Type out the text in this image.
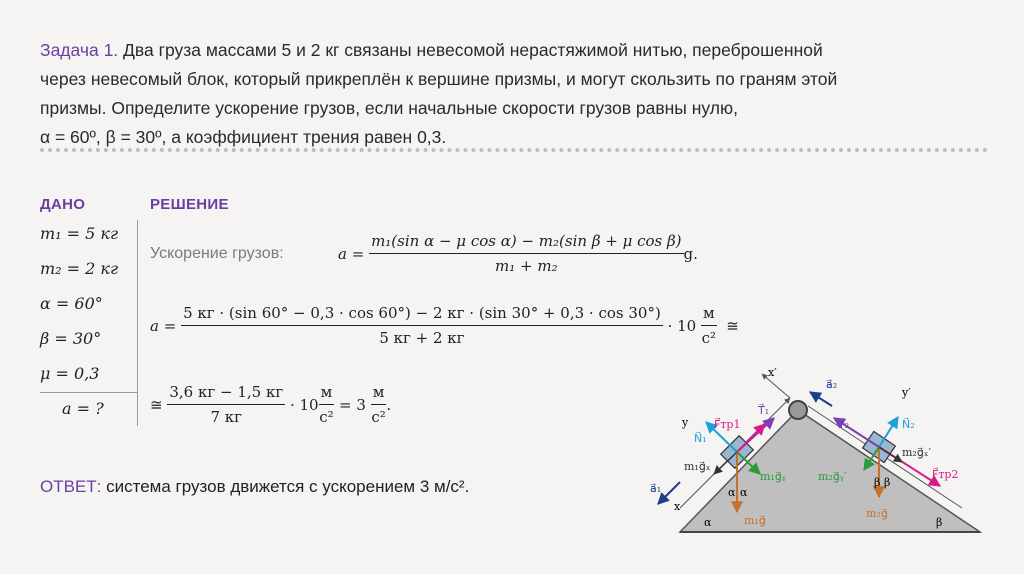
Задача 1. Два груза массами 5 и 2 кг связаны невесомой нерастяжимой нитью, переброшенной
через невесомый блок, который прикреплён к вершине призмы, и могут скользить по граням этой
призмы. Определите ускорение грузов, если начальные скорости грузов равны нулю,
α = 60º, β = 30º, а коэффициент трения равен 0,3.
ДАНО	РЕШЕНИЕ
m₁ = 5 кг
m₂ = 2 кг
α = 60°
β = 30°
μ = 0,3
a = ?
Ускорение грузов:	a =
$\frac{\text{m₁(sin α − μ cos α) − m₂(sin β + μ cos β)}}{\text{m₁ + m₂}} g$.
a =

5 кг · (sin 60° − 0,3 · cos 60°) − 2 кг · (sin 30° + 0,3 · cos 30°)
5 кг + 2 кг

· 10
$\frac{м}{\text{с²}}$
≅
≅
$\frac{3,6 кг - 1,5 кг}{7 кг}$
· $10 \frac{м}{\text{с²}}$
= 3
$\frac{м}{\text{с²}}$ .
ОТВЕТ: система грузов движется с ускорением 3 м/с².
x
x′
y
y′
a⃗₁
a⃗₂
T⃗₁
T⃗₂
N⃗₁
N⃗₂
F⃗тр1
F⃗тр2
m₁g⃗ₓ
m₁g⃗ᵧ
m₂g⃗ₓ′
m₂g⃗ᵧ′
m₁g⃗
m₂g⃗
α
α α
β
β β
